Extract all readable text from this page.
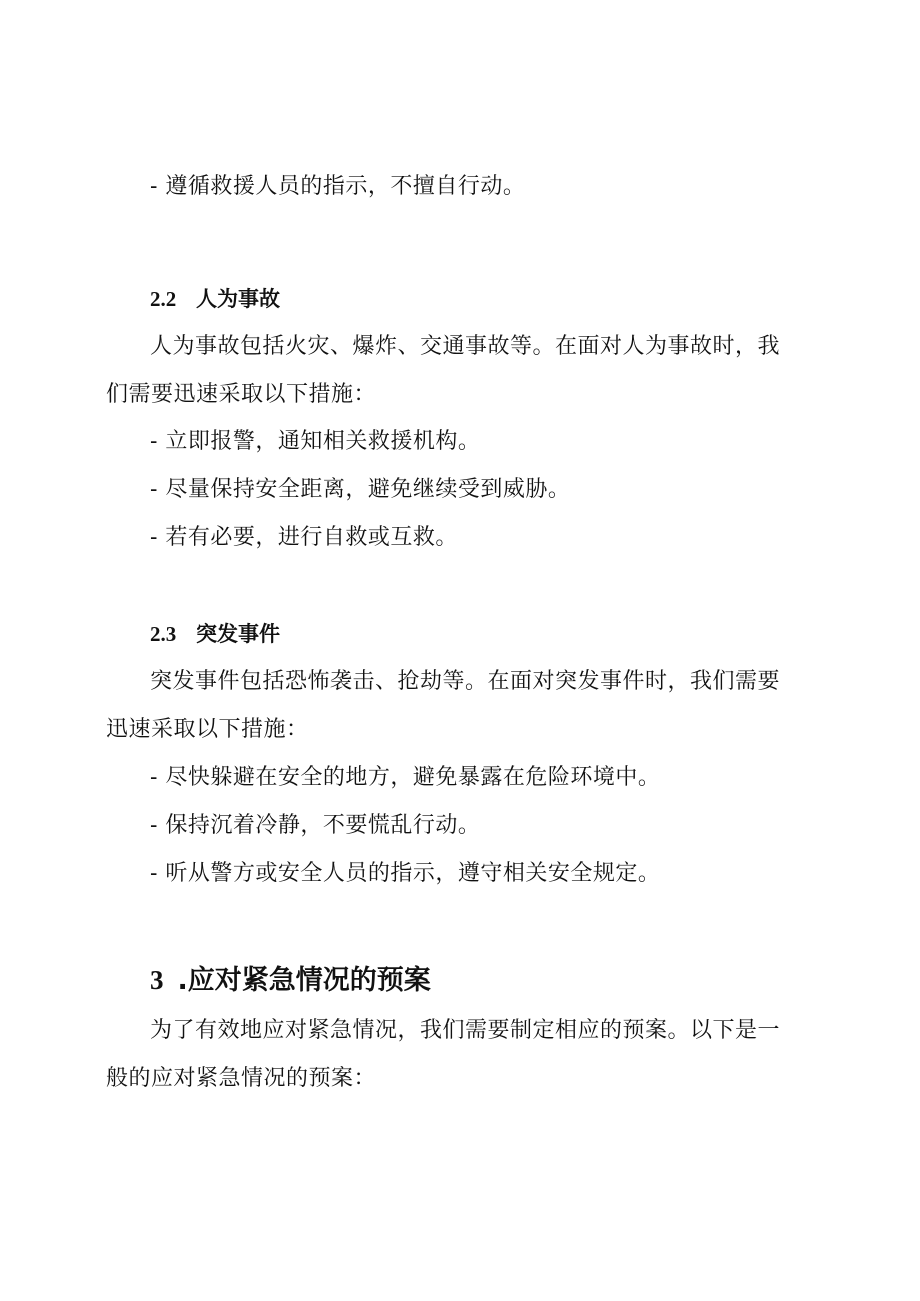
- 遵循救援人员的指示，不擅自行动。
2.2 人为事故
人为事故包括火灾、爆炸、交通事故等。在面对人为事故时，我
们需要迅速采取以下措施：
- 立即报警，通知相关救援机构。
- 尽量保持安全距离，避免继续受到威胁。
- 若有必要，进行自救或互救。
2.3 突发事件
突发事件包括恐怖袭击、抢劫等。在面对突发事件时，我们需要
迅速采取以下措施：
- 尽快躲避在安全的地方，避免暴露在危险环境中。
- 保持沉着冷静，不要慌乱行动。
- 听从警方或安全人员的指示，遵守相关安全规定。
3 .应对紧急情况的预案
为了有效地应对紧急情况，我们需要制定相应的预案。以下是一
般的应对紧急情况的预案：
